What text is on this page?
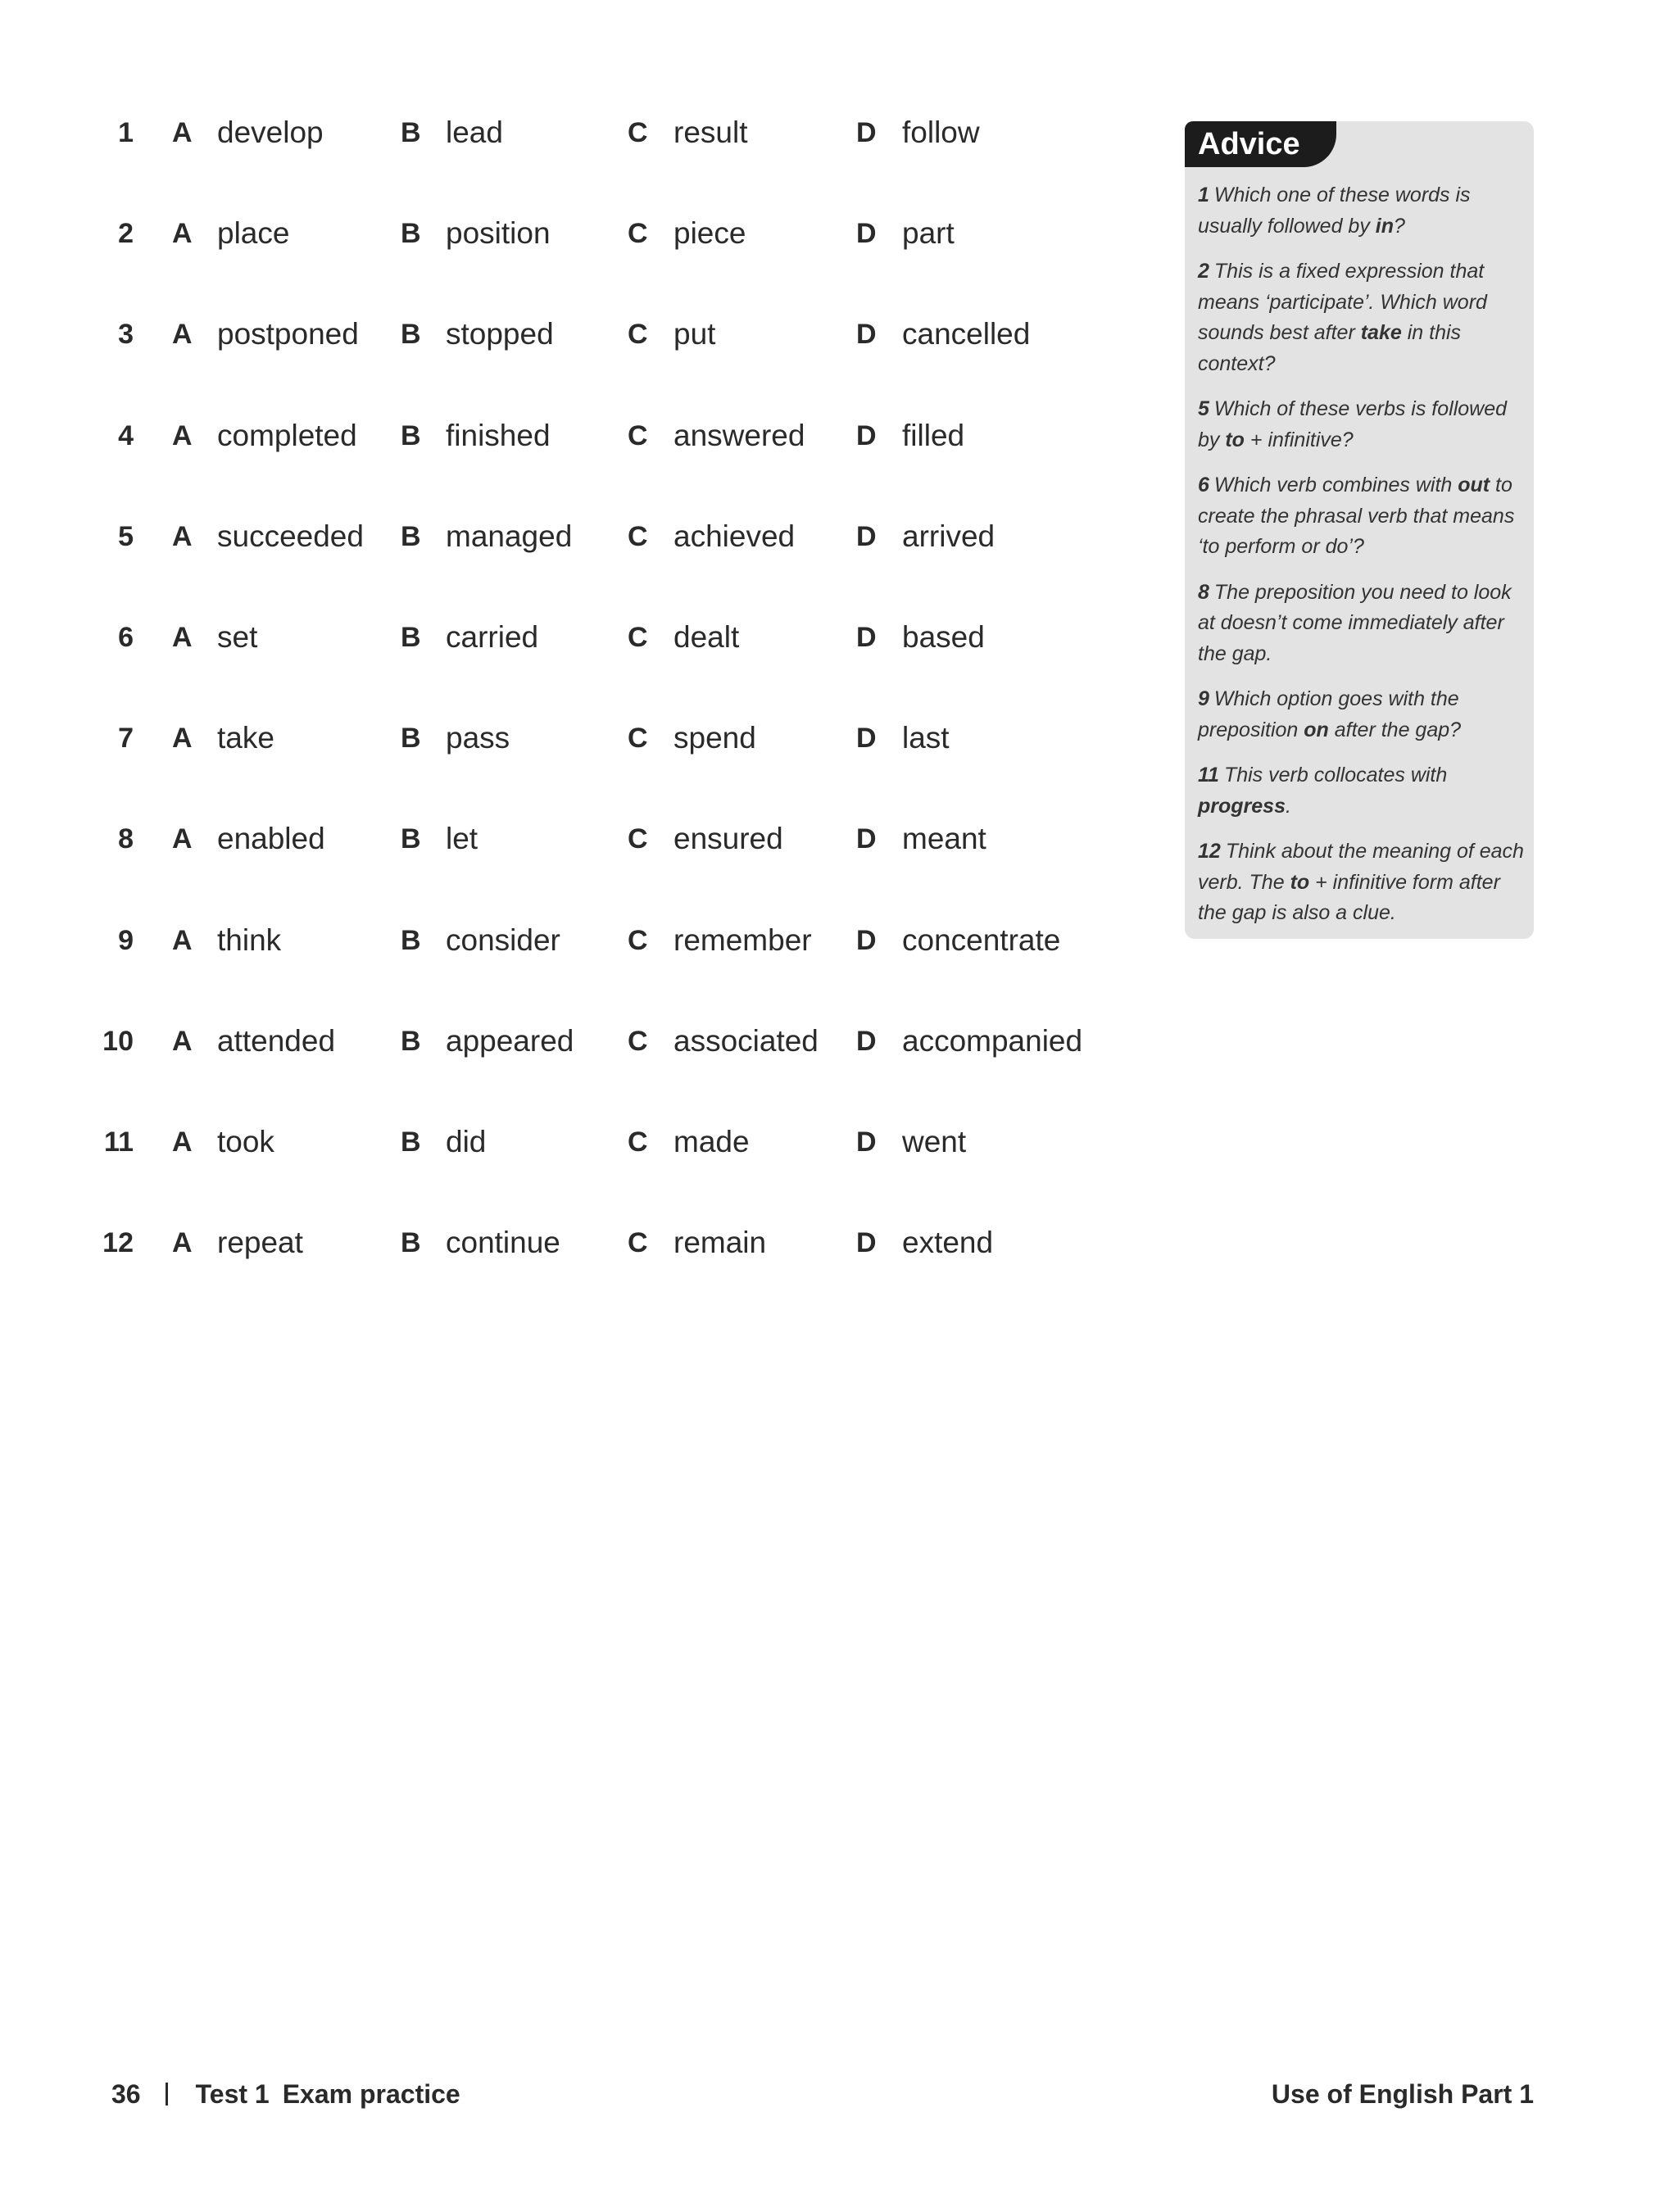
1 A develop	B lead	C result	D follow
2 A place	B position	C piece	D part
3 A postponed B stopped	C put	D cancelled
4 A completed B finished	C answered D filled
5 A succeeded B managed C achieved D arrived
6 A set	B carried	C dealt	D based
7 A take	B pass	C spend	D last
8 A enabled	B let	C ensured	D meant
9 A think	B consider C remember D concentrate
10 A attended B appeared C associated D accompanied
11 A took	B did	C made	D went
12 A repeat	B continue C remain	D extend
Advice
1 Which one of these words is usually followed by in?
2 This is a fixed expression that means ‘participate’. Which word sounds best after take in this context?
5 Which of these verbs is followed by to + infinitive?
6 Which verb combines with out to create the phrasal verb that means ‘to perform or do’?
8 The preposition you need to look at doesn’t come immediately after the gap.
9 Which option goes with the preposition on after the gap?
11 This verb collocates with progress.
12 Think about the meaning of each verb. The to + infinitive form after the gap is also a clue.
36 Test 1 Exam practice	Use of English Part 1
